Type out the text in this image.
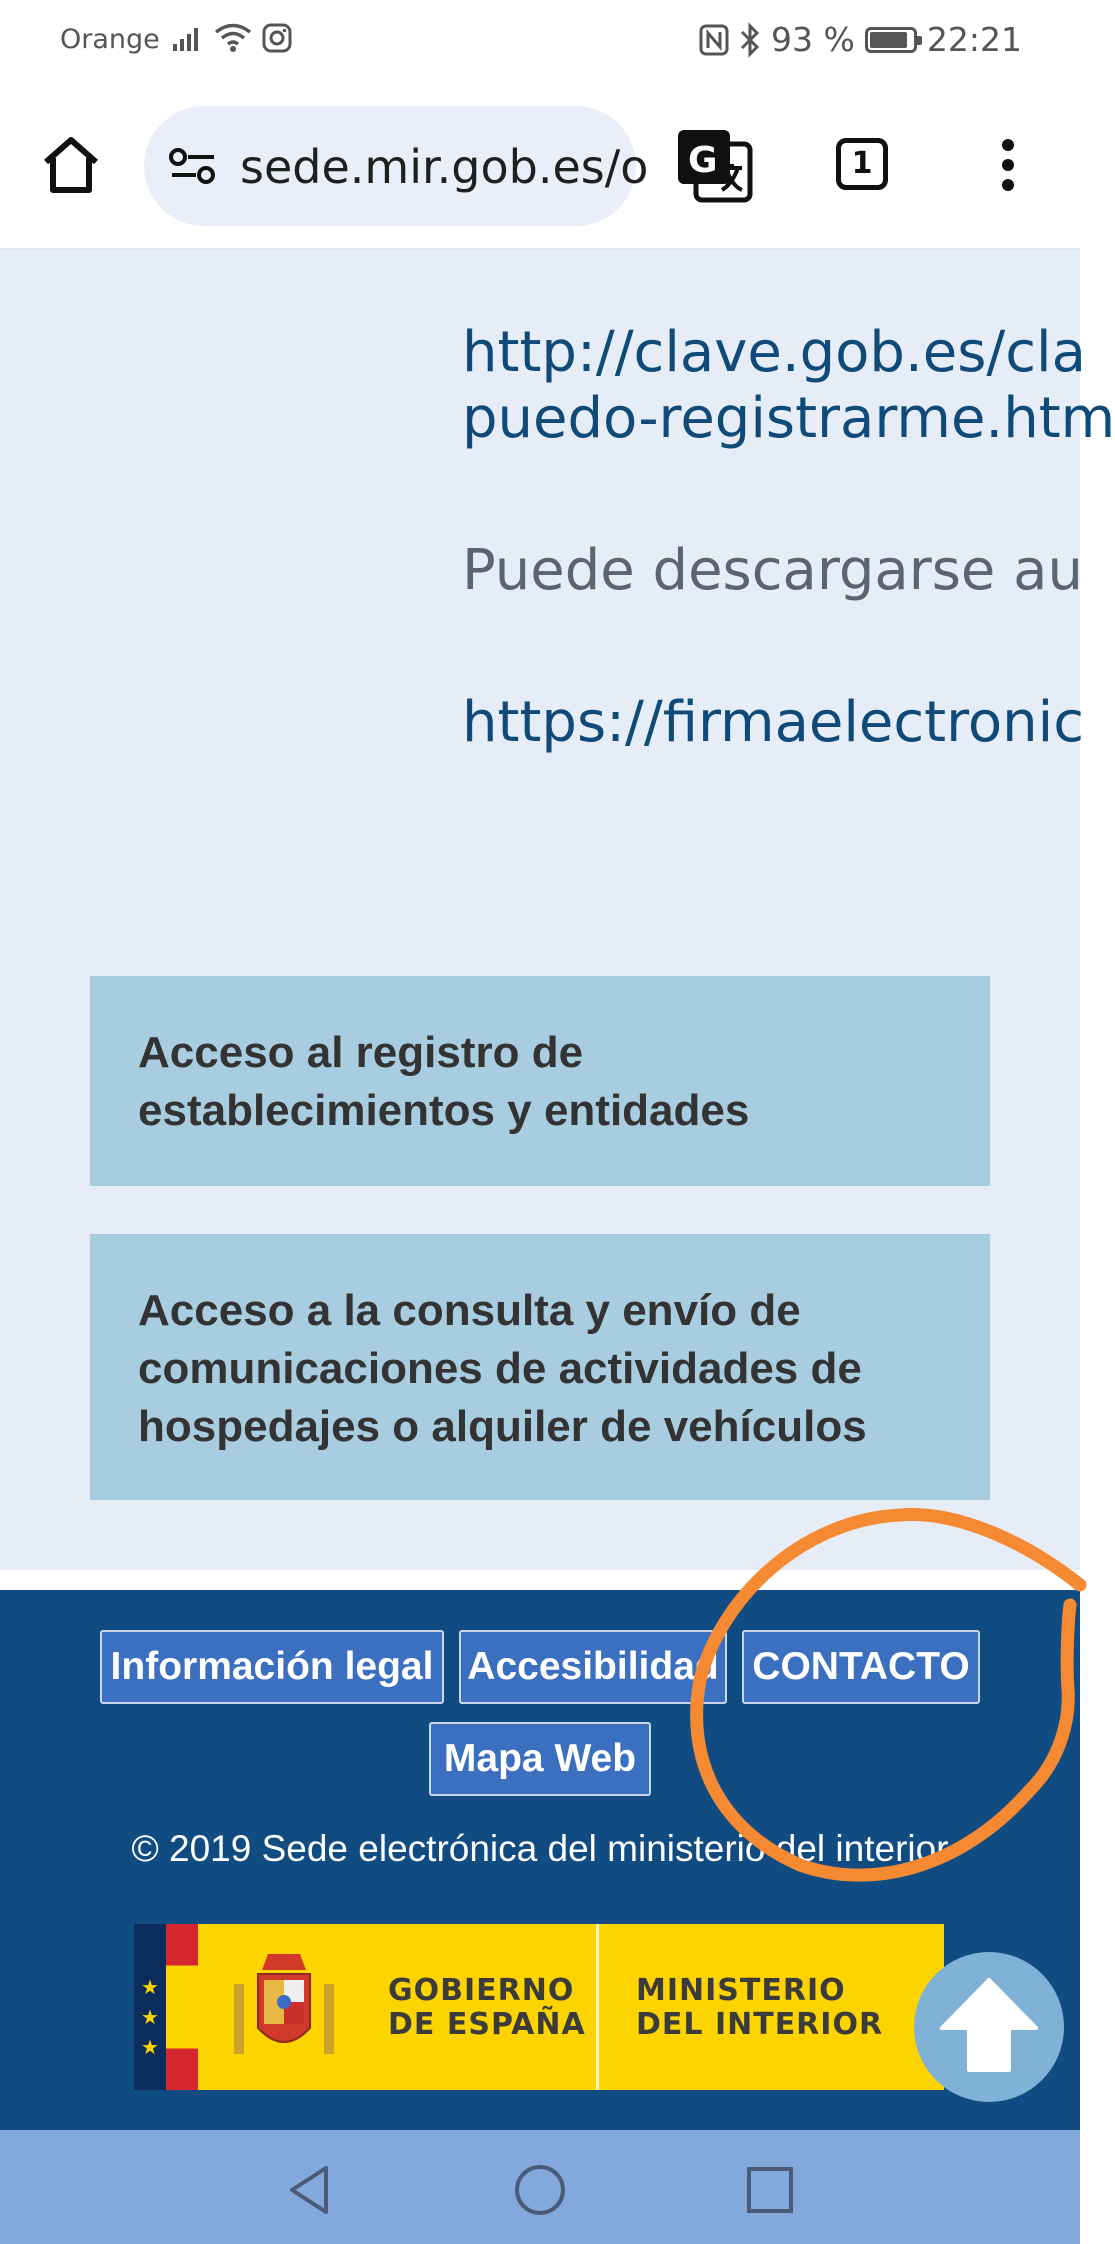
Orange	93 % 22:21
sede.mir.gob.es/o G	1

http://clave.gob.es/cla

puedo-registrarme.htm

Puede descargarse au

https://firmaelectronic

Acceso al registro de
establecimientos y entidades
Acceso a la consulta y envío de
comunicaciones de actividades de
hospedajes o alquiler de vehículos
Información legal Accesibilidad CONTACTO
Mapa Web
© 2019 Sede electrónica del ministerio del interior
★
★
★
GOBIERNO
DE ESPAÑA
MINISTERIO
DEL INTERIOR
